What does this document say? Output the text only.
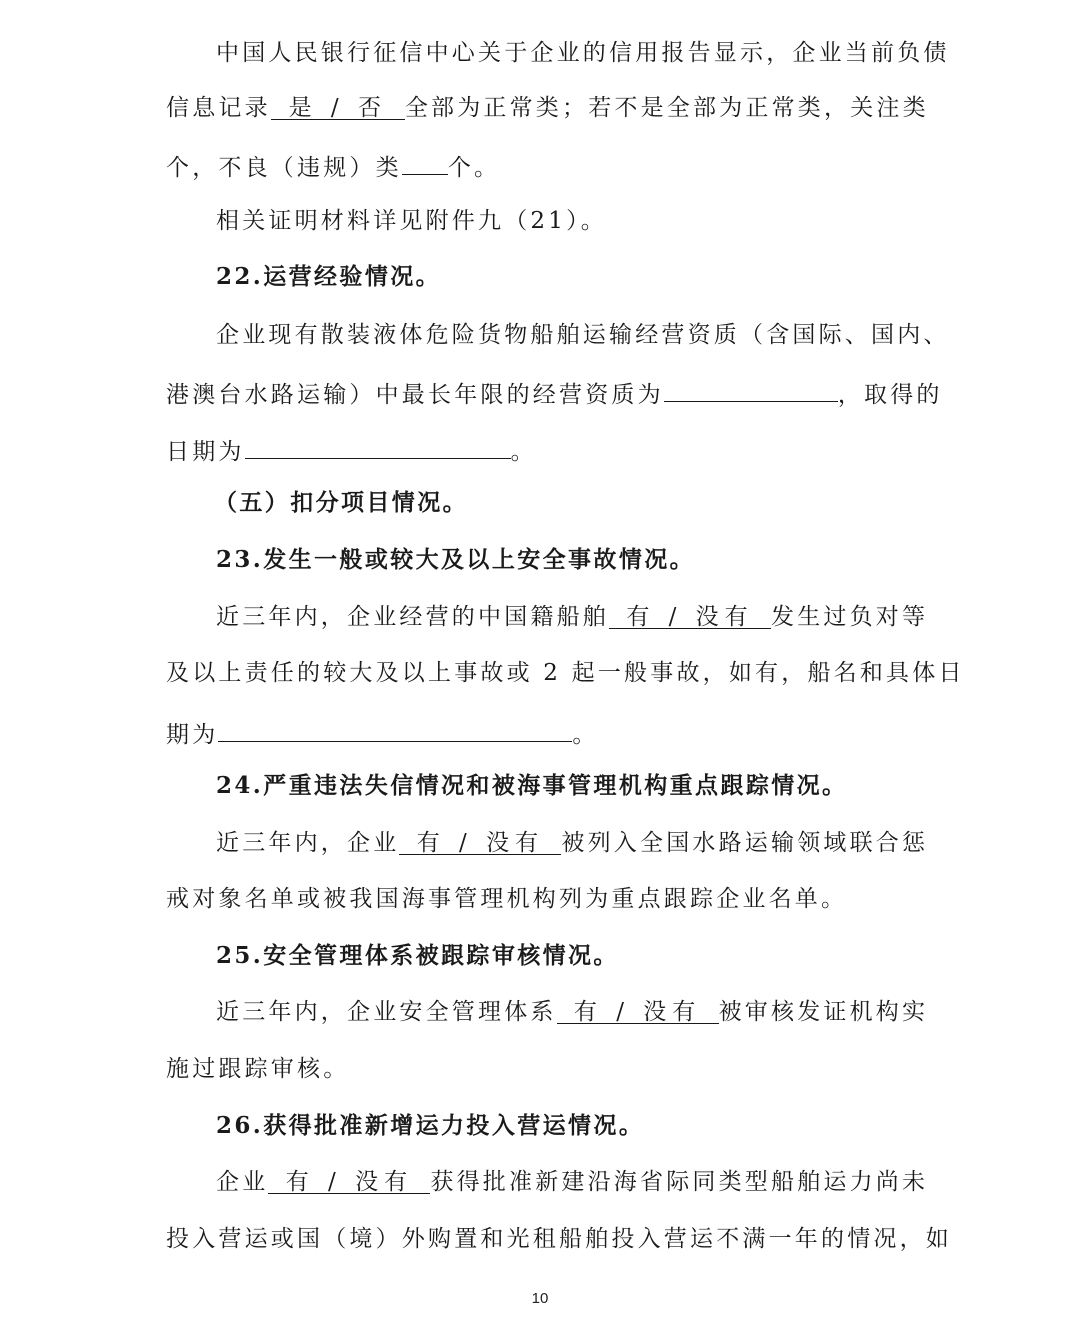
中国人民银行征信中心关于企业的信用报告显示，企业当前负债
信息记录 是 / 否 全部为正常类；若不是全部为正常类，关注类
个，不良（违规）类 个。
相关证明材料详见附件九（21）。
22.运营经验情况。
企业现有散装液体危险货物船舶运输经营资质（含国际、国内、
港澳台水路运输）中最长年限的经营资质为	，取得的
日期为	。
（五）扣分项目情况。
23.发生一般或较大及以上安全事故情况。
近三年内，企业经营的中国籍船舶 有 / 没有 发生过负对等
及以上责任的较大及以上事故或 2 起一般事故，如有，船名和具体日
期为	。
24.严重违法失信情况和被海事管理机构重点跟踪情况。
近三年内，企业 有 / 没有 被列入全国水路运输领域联合惩
戒对象名单或被我国海事管理机构列为重点跟踪企业名单。
25.安全管理体系被跟踪审核情况。
近三年内，企业安全管理体系 有 / 没有 被审核发证机构实
施过跟踪审核。
26.获得批准新增运力投入营运情况。
企业 有 / 没有 获得批准新建沿海省际同类型船舶运力尚未
投入营运或国（境）外购置和光租船舶投入营运不满一年的情况，如
10
